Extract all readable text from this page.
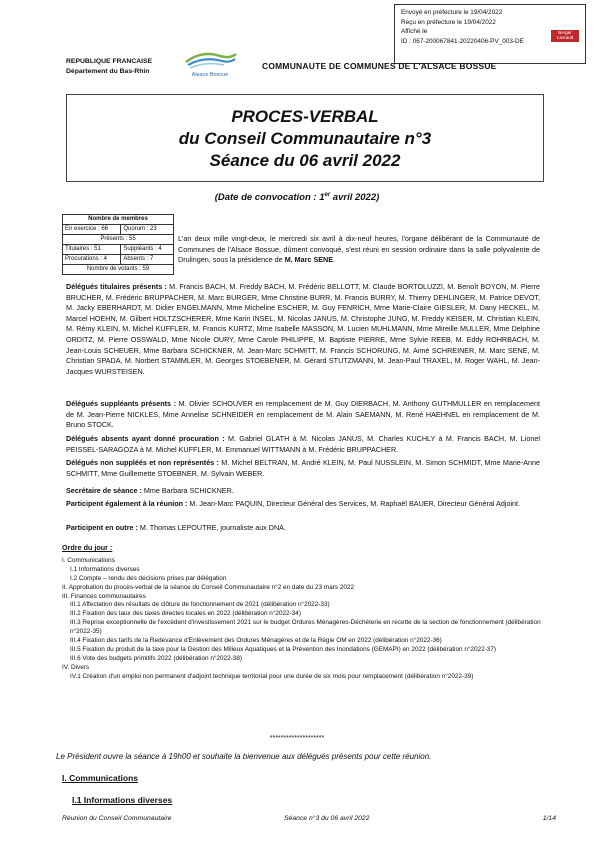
Envoyé en préfecture le 19/04/2022
Reçu en préfecture le 19/04/2022
Affiché le
ID : 067-200067841-20220406-PV_003-DE
Berger Levrault
REPUBLIQUE FRANCAISE
Département du Bas-Rhin	Alsace Bossue
COMMUNAUTE DE COMMUNES DE L'ALSACE BOSSUE
PROCES-VERBAL
du Conseil Communautaire n°3
Séance du 06 avril 2022
(Date de convocation : 1er avril 2022)
Nombre de membres	
En exercice : 66	Quorum : 23
Présents : 55	
Titulaires : 51	Suppléants : 4
Procurations : 4	Absents : 7
Nombre de votants : 59	
L'an deux mille vingt-deux, le mercredi six avril à dix-neuf heures, l'organe délibérant de la Communauté de Communes de l'Alsace Bossue, dûment convoqué, s'est réuni en session ordinaire dans la salle polyvalente de Drulingen, sous la présidence de M. Marc SENE.
Délégués titulaires présents : M. Francis BACH, M. Freddy BACH, M. Frédéric BELLOTT, M. Claude BORTOLUZZI, M. Benoît BOYON, M. Pierre BRUCHER, M. Frédéric BRUPPACHER, M. Marc BURGER, Mme Christine BURR, M. Francis BURRY, M. Thierry DEHLINGER, M. Patrice DEVOT, M. Jacky EBERHARDT, M. Didier ENGELMANN, Mme Micheline ESCHER, M. Guy FENRICH, Mme Marie-Claire GIESLER, M. Dany HECKEL, M. Marcel HOEHN, M. Gilbert HOLTZSCHERER, Mme Karin INSEL, M. Nicolas JANUS, M. Christophe JUNG, M. Freddy KEISER, M. Christian KLEIN, M. Rémy KLEIN, M. Michel KUFFLER, M. Francis KURTZ, Mme Isabelle MASSON, M. Lucien MUHLMANN, Mme Mireille MULLER, Mme Delphine ORDITZ, M. Pierre OSSWALD, Mme Nicole OURY, Mme Carole PHILIPPE, M. Baptiste PIERRE, Mme Sylvie REEB, M. Eddy ROHRBACH, M. Jean-Louis SCHEUER, Mme Barbara SCHICKNER, M. Jean-Marc SCHMITT, M. Francis SCHORUNG, M. Aimé SCHREINER, M. Marc SENE, M. Christian SPADA, M. Norbert STAMMLER, M. Georges STOEBENER, M. Gérard STUTZMANN, M. Jean-Paul TRAXEL, M. Roger WAHL, M. Jean-Jacques WURSTEISEN.
Délégués suppléants présents : M. Olivier SCHOUVER en remplacement de M. Guy DIERBACH, M. Anthony GUTHMULLER en remplacement de M. Jean-Pierre NICKLES, Mme Annelise SCHNEIDER en remplacement de M. Alain SAEMANN, M. René HAEHNEL en remplacement de M. Bruno STOCK.
Délégués absents ayant donné procuration : M. Gabriel GLATH à M. Nicolas JANUS, M. Charles KUCHLY à M. Francis BACH, M. Lionel PEISSEL-SARAGOZA à M. Michel KUFFLER, M. Emmanuel WITTMANN à M. Frédéric BRUPPACHER.
Délégués non suppléés et non représentés : M. Michel BELTRAN, M. André KLEIN, M. Paul NUSSLEIN, M. Simon SCHMIDT, Mme Marie-Anne SCHMITT, Mme Guillemette STOEBNER, M. Sylvain WEBER.
Secrétaire de séance : Mme Barbara SCHICKNER.
Participent également à la réunion : M. Jean-Marc PAQUIN, Directeur Général des Services, M. Raphaël BAUER, Directeur Général Adjoint.
Participent en outre : M. Thomas LEPOUTRE, journaliste aux DNA.
Ordre du jour :
I. Communications
I.1 Informations diverses
I.2 Compte – rendu des décisions prises par délégation
II. Approbation du procès-verbal de la séance du Conseil Communautaire n°2 en date du 23 mars 2022
III. Finances communautaires
III.1 Affectation des résultats de clôture de fonctionnement de 2021 (délibération n°2022-33)
III.2 Fixation des taux des taxes directes locales en 2022 (délibération n°2022-34)
III.3 Reprise exceptionnelle de l'excédent d'investissement 2021 sur le budget Ordures Ménagères-Déchèterie en recette de la section de fonctionnement (délibération n°2022-35)
III.4 Fixation des tarifs de la Redevance d'Enlèvement des Ordures Ménagères et de la Régie OM en 2022 (délibération n°2022-36)
III.5 Fixation du produit de la taxe pour la Gestion des Milieux Aquatiques et la Prévention des Inondations (GEMAPI) en 2022 (délibération n°2022-37)
III.6 Vote des budgets primitifs 2022 (délibération n°2022-38)
IV. Divers
IV.1 Création d'un emploi non permanent d'adjoint technique territorial pour une durée de six mois pour remplacement (délibération n°2022-39)
********************
Le Président ouvre la séance à 19h00 et souhaite la bienvenue aux délégués présents pour cette réunion.
I. Communications
I.1 Informations diverses
Réunion du Conseil Communautaire	Séance n°3 du 06 avril 2022	1/14
